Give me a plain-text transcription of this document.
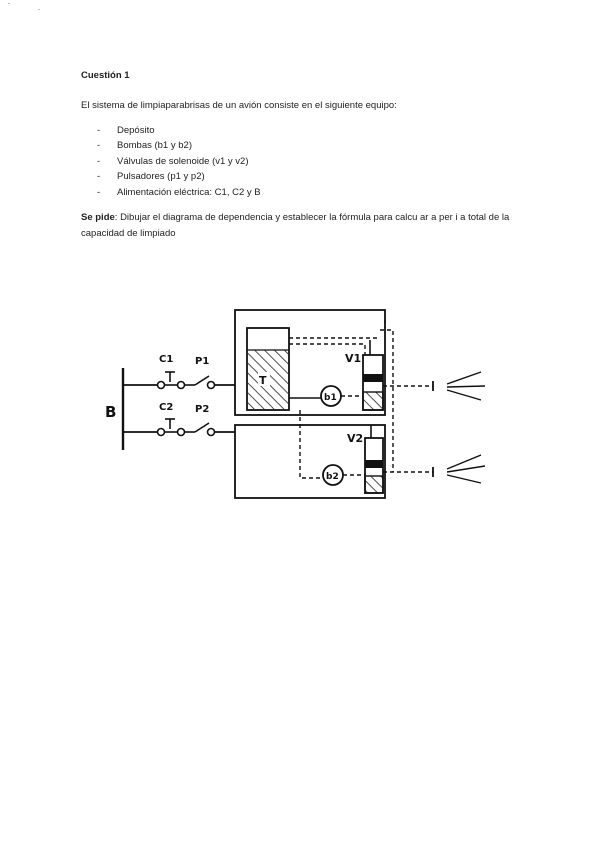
Cuestión 1
El sistema de limpiaparabrisas de un avión consiste en el siguiente equipo:
- Depósito
- Bombas (b1 y b2)
- Válvulas de solenoide (v1 y v2)
- Pulsadores (p1 y p2)
- Alimentación eléctrica: C1, C2 y B
Se pide: Dibujar el diagrama de dependencia y establecer la fórmula para calcu ar a per i a total de la capacidad de limpiado
B
C1 P1
C2 P2
T
b1
V1
b2
V2
